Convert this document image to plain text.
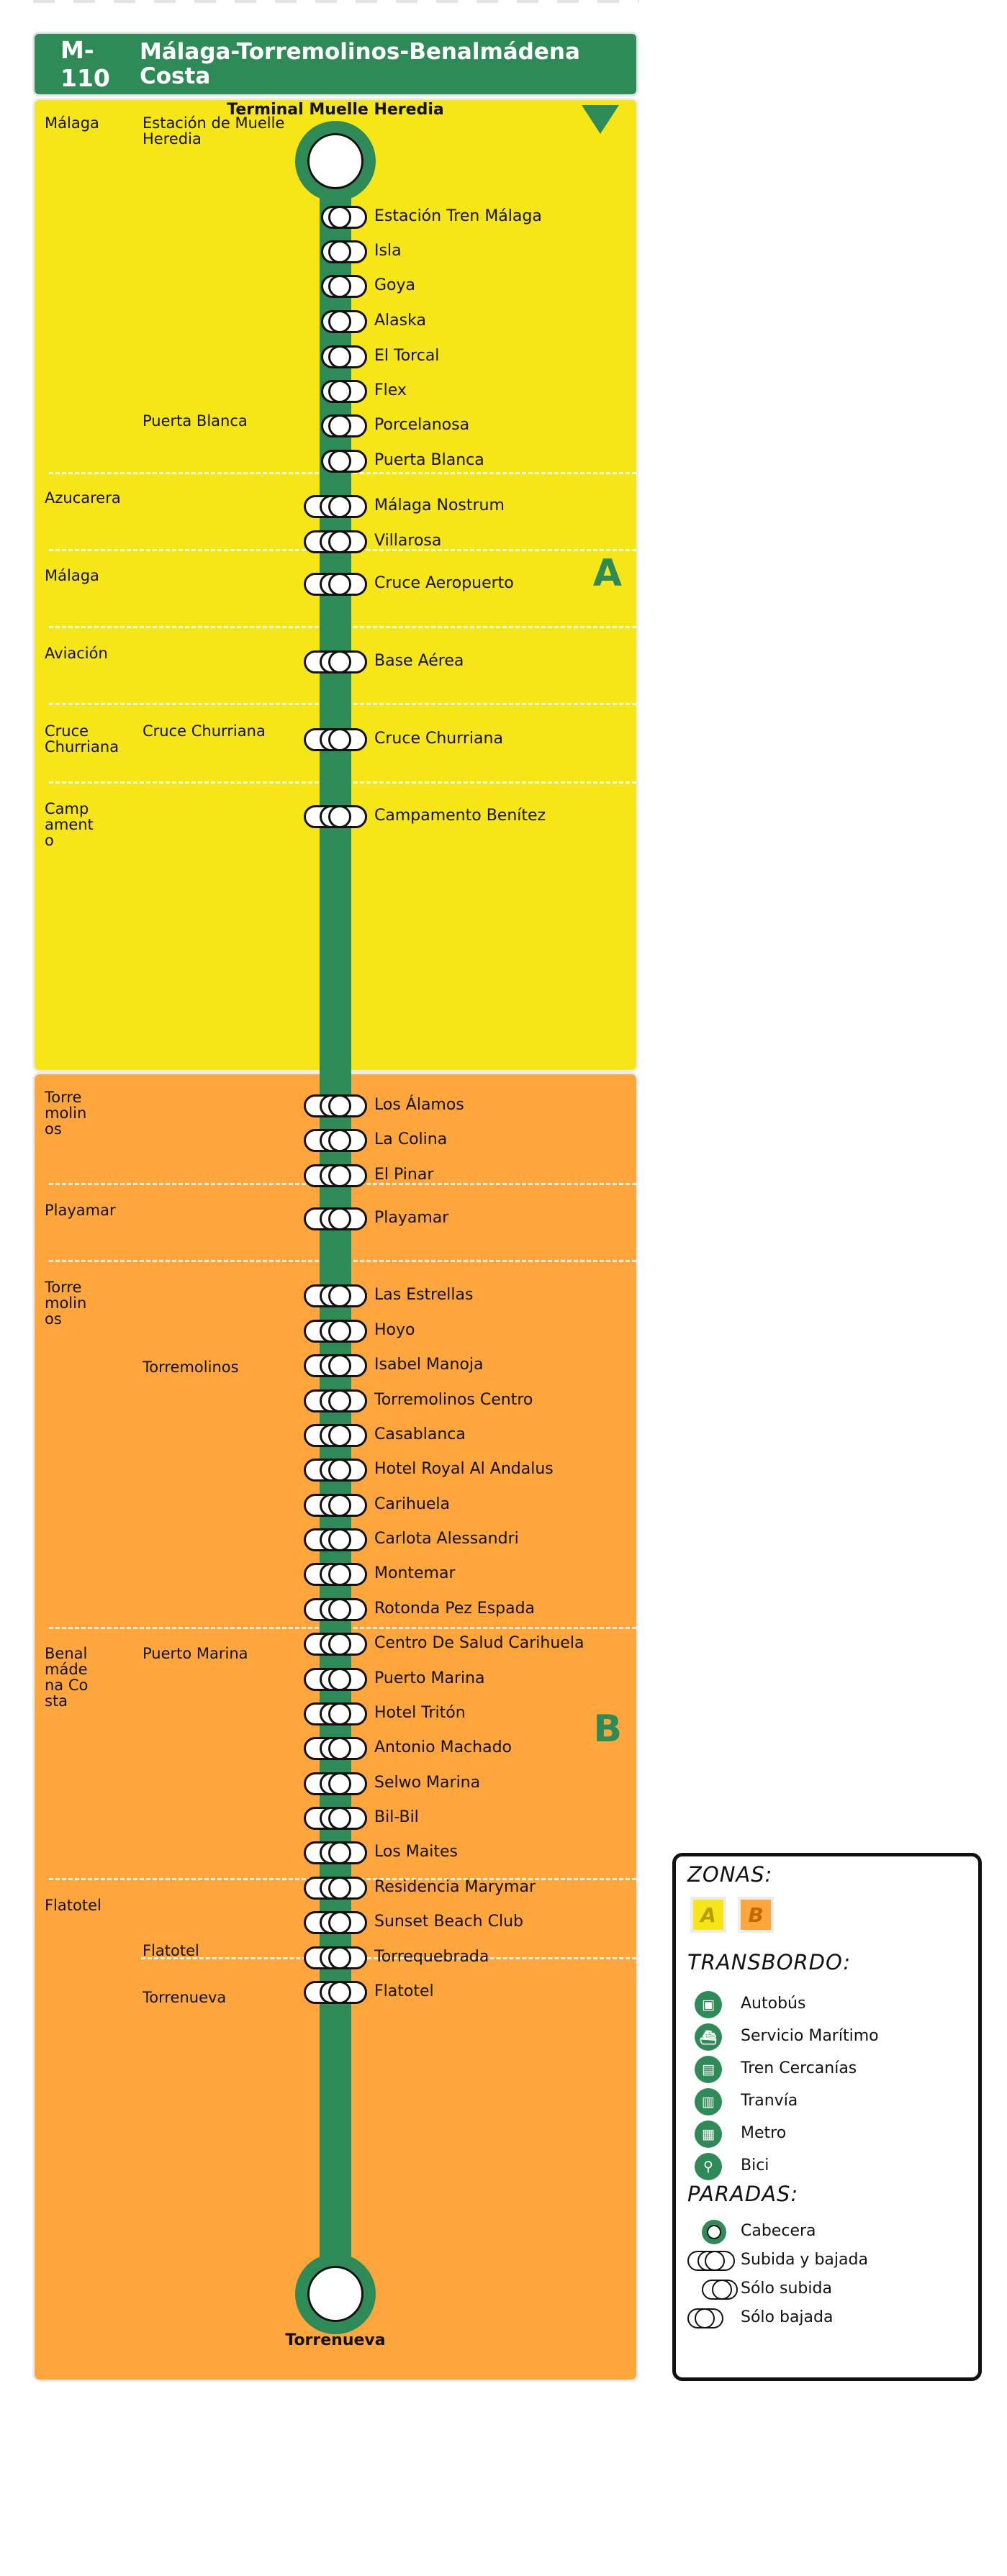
M-110
Málaga-Torremolinos-Benalmádena Costa
A
B
Terminal Muelle Heredia
Torrenueva
Málaga
Azucarera
Málaga
Aviación
Cruce Churriana
Campamento
Torremolinos
Playamar
Torremolinos
Benalmádena Costa
Flatotel
Estación de Muelle Heredia
Puerta Blanca
Cruce Churriana
Torremolinos
Puerto Marina
Flatotel
Torrenueva
Estación Tren Málaga
Isla
Goya
Alaska
El Torcal
Flex
Porcelanosa
Puerta Blanca
Málaga Nostrum
Villarosa
Cruce Aeropuerto
Base Aérea
Cruce Churriana
Campamento Benítez
Los Álamos
La Colina
El Pinar
Playamar
Las Estrellas
Hoyo
Isabel Manoja
Torremolinos Centro
Casablanca
Hotel Royal Al Andalus
Carihuela
Carlota Alessandri
Montemar
Rotonda Pez Espada
Centro De Salud Carihuela
Puerto Marina
Hotel Tritón
Antonio Machado
Selwo Marina
Bil-Bil
Los Maites
Residencia Marymar
Sunset Beach Club
Torrequebrada
Flatotel
ZONAS:
A	B
TRANSBORDO:
▣	Autobús
⛴	Servicio Marítimo
▤	Tren Cercanías
▥	Tranvía
▦	Metro
⚲	Bici
PARADAS:
Cabecera
Subida y bajada
Sólo subida
Sólo bajada
